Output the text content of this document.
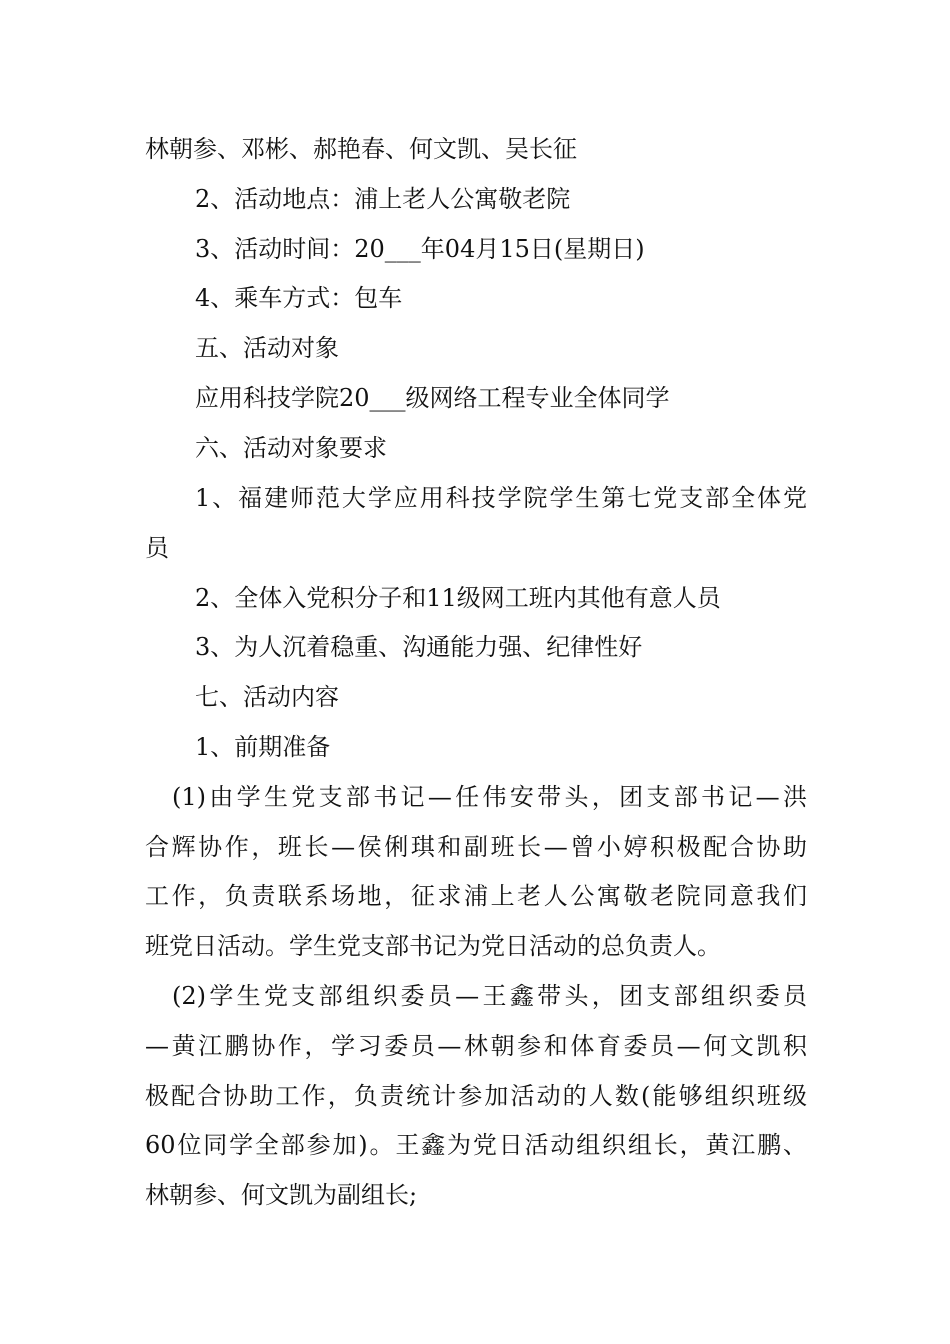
林朝参、邓彬、郝艳春、何文凯、吴长征
2、活动地点：浦上老人公寓敬老院
3、活动时间：20___年04月15日(星期日)
4、乘车方式：包车
五、活动对象
应用科技学院20___级网络工程专业全体同学
六、活动对象要求
1、福建师范大学应用科技学院学生第七党支部全体党
员
2、全体入党积分子和11级网工班内其他有意人员
3、为人沉着稳重、沟通能力强、纪律性好
七、活动内容
1、前期准备
(1)由学生党支部书记—任伟安带头，团支部书记—洪
合辉协作，班长—侯俐琪和副班长—曾小婷积极配合协助
工作，负责联系场地，征求浦上老人公寓敬老院同意我们
班党日活动。学生党支部书记为党日活动的总负责人。
(2)学生党支部组织委员—王鑫带头，团支部组织委员
—黄江鹏协作，学习委员—林朝参和体育委员—何文凯积
极配合协助工作，负责统计参加活动的人数(能够组织班级
60位同学全部参加)。王鑫为党日活动组织组长，黄江鹏、
林朝参、何文凯为副组长;
